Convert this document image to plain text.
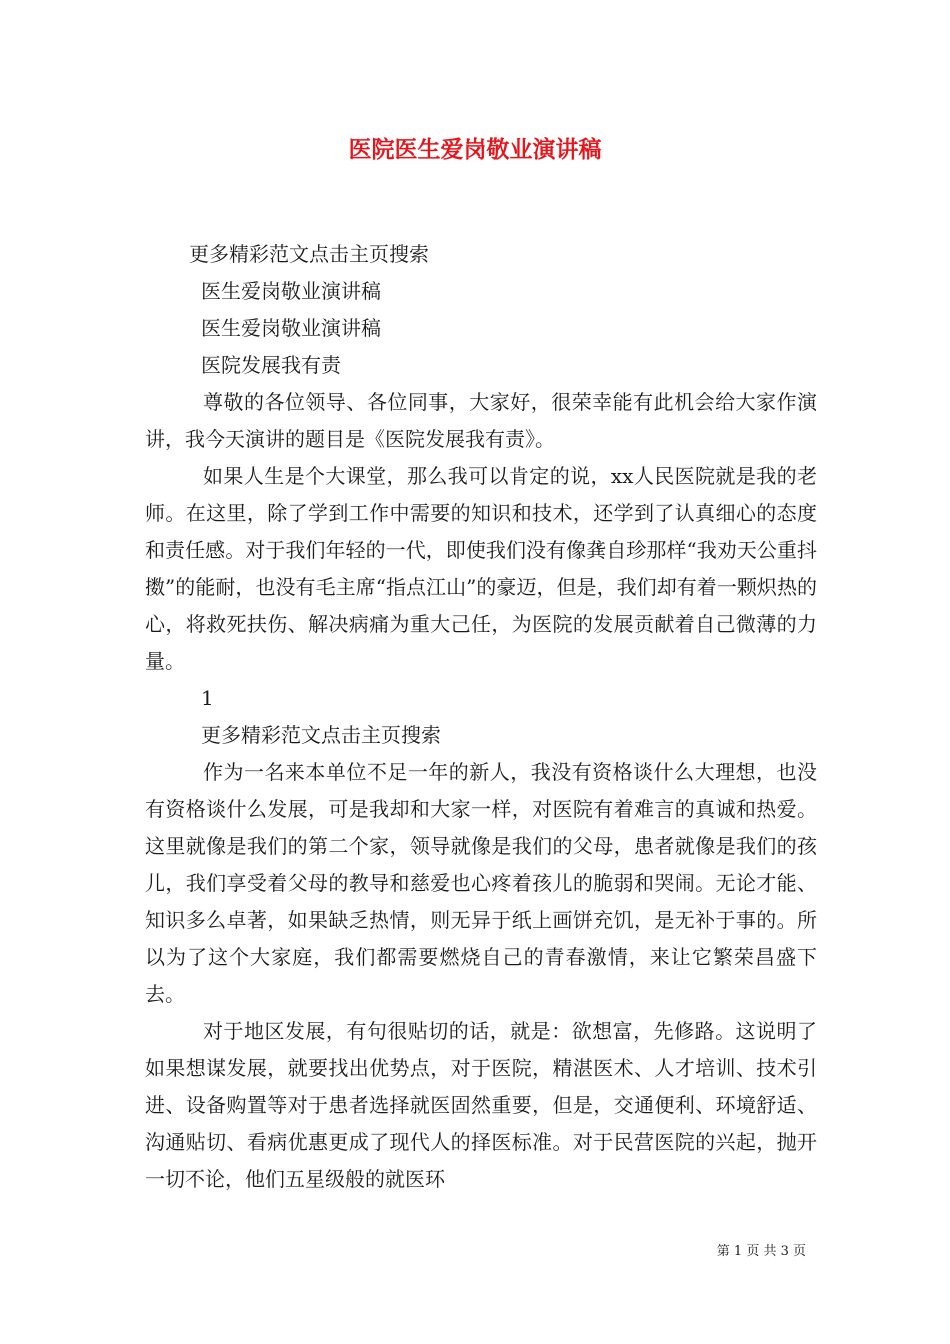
医院医生爱岗敬业演讲稿
更多精彩范文点击主页搜索
医生爱岗敬业演讲稿
医生爱岗敬业演讲稿
医院发展我有责

尊敬的各位领导、各位同事，大家好，很荣幸能有此机会给大家作演讲，我今天演讲的题目是《医院发展我有责》。

如果人生是个大课堂，那么我可以肯定的说，xx人民医院就是我的老师。在这里，除了学到工作中需要的知识和技术，还学到了认真细心的态度和责任感。对于我们年轻的一代，即使我们没有像龚自珍那样“我劝天公重抖擞”的能耐，也没有毛主席“指点江山”的豪迈，但是，我们却有着一颗炽热的心，将救死扶伤、解决病痛为重大己任，为医院的发展贡献着自己微薄的力量。

1
更多精彩范文点击主页搜索

作为一名来本单位不足一年的新人，我没有资格谈什么大理想，也没有资格谈什么发展，可是我却和大家一样，对医院有着难言的真诚和热爱。这里就像是我们的第二个家，领导就像是我们的父母，患者就像是我们的孩儿，我们享受着父母的教导和慈爱也心疼着孩儿的脆弱和哭闹。无论才能、知识多么卓著，如果缺乏热情，则无异于纸上画饼充饥，是无补于事的。所以为了这个大家庭，我们都需要燃烧自己的青春激情，来让它繁荣昌盛下去。

对于地区发展，有句很贴切的话，就是：欲想富，先修路。这说明了如果想谋发展，就要找出优势点，对于医院，精湛医术、人才培训、技术引进、设备购置等对于患者选择就医固然重要，但是，交通便利、环境舒适、沟通贴切、看病优惠更成了现代人的择医标准。对于民营医院的兴起，抛开一切不论，他们五星级般的就医环

第 1 页 共 3 页
